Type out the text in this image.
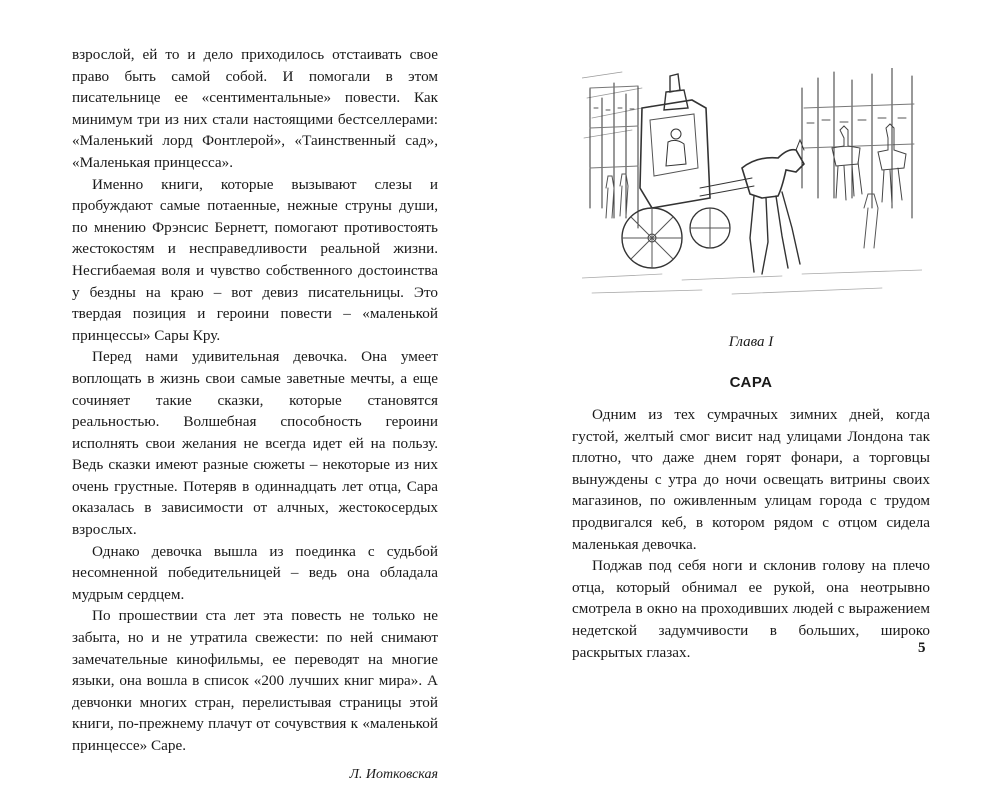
взрослой, ей то и дело приходилось отстаивать свое право быть самой собой. И помогали в этом писательнице ее «сентиментальные» повести. Как минимум три из них стали настоящими бестселлерами: «Маленький лорд Фонтлерой», «Таинственный сад», «Маленькая принцесса».

Именно книги, которые вызывают слезы и пробуждают самые потаенные, нежные струны души, по мнению Фрэнсис Бернетт, помогают противостоять жестокостям и несправедливости реальной жизни. Несгибаемая воля и чувство собственного достоинства у бездны на краю – вот девиз писательницы. Это твердая позиция и героини повести – «маленькой принцессы» Сары Кру.

Перед нами удивительная девочка. Она умеет воплощать в жизнь свои самые заветные мечты, а еще сочиняет такие сказки, которые становятся реальностью. Волшебная способность героини исполнять свои желания не всегда идет ей на пользу. Ведь сказки имеют разные сюжеты – некоторые из них очень грустные. Потеряв в одиннадцать лет отца, Сара оказалась в зависимости от алчных, жестокосердых взрослых.

Однако девочка вышла из поединка с судьбой несомненной победительницей – ведь она обладала мудрым сердцем.

По прошествии ста лет эта повесть не только не забыта, но и не утратила свежести: по ней снимают замечательные кинофильмы, ее переводят на многие языки, она вошла в список «200 лучших книг мира». А девчонки многих стран, перелистывая страницы этой книги, по-прежнему плачут от сочувствия к «маленькой принцессе» Саре.

Л. Иотковская

Глава I
САРА

Одним из тех сумрачных зимних дней, когда густой, желтый смог висит над улицами Лондона так плотно, что даже днем горят фонари, а торговцы вынуждены с утра до ночи освещать витрины своих магазинов, по оживленным улицам города с трудом продвигался кеб, в котором рядом с отцом сидела маленькая девочка.

Поджав под себя ноги и склонив голову на плечо отца, который обнимал ее рукой, она неотрывно смотрела в окно на проходивших людей с выражением недетской задумчивости в больших, широко раскрытых глазах.	5
